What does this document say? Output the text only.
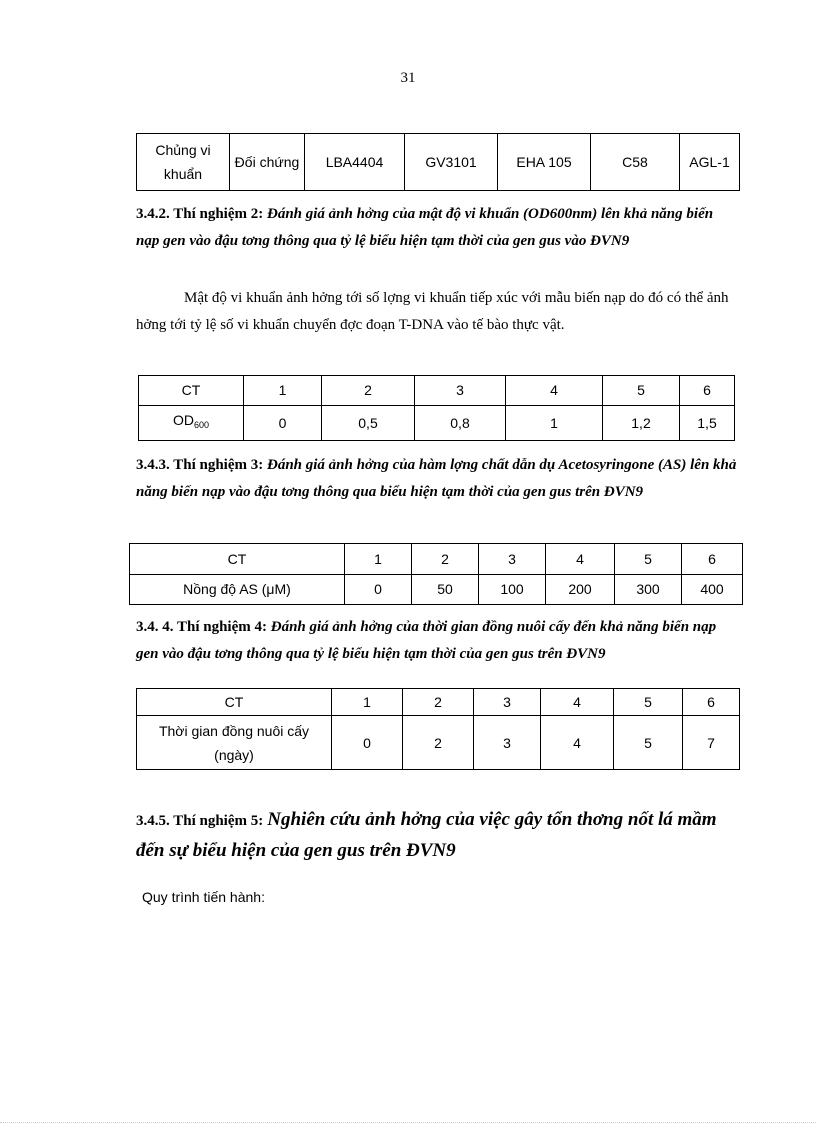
31
Chủng vi khuẩn	Đối chứng	LBA4404	GV3101	EHA 105	C58	AGL-1
3.4.2. Thí nghiệm 2: Đánh giá ảnh hởng của mật độ vi khuẩn (OD600nm) lên khả năng biến nạp gen vào đậu tơng thông qua tỷ lệ biểu hiện tạm thời của gen gus vào ĐVN9
Mật độ vi khuẩn ảnh hởng tới số lợng vi khuẩn tiếp xúc với mẫu biến nạp do đó có thể ảnh hởng tới tỷ lệ số vi khuẩn chuyển đợc đoạn T-DNA vào tế bào thực vật.
CT	1	2	3	4	5	6
$OD_{600}$	0	0,5	0,8	1	1,2	1,5
3.4.3. Thí nghiệm 3: Đánh giá ảnh hởng của hàm lợng chất dẫn dụ Acetosyringone (AS) lên khả năng biến nạp vào đậu tơng thông qua biểu hiện tạm thời của gen gus trên ĐVN9
CT	1	2	3	4	5	6
Nồng độ AS (μM)	0	50	100	200	300	400
3.4. 4. Thí nghiệm 4: Đánh giá ảnh hởng của thời gian đồng nuôi cấy đến khả năng biến nạp gen vào đậu tơng thông qua tỷ lệ biểu hiện tạm thời của gen gus trên ĐVN9
CT	1	2	3	4	5	6
Thời gian đồng nuôi cấy (ngày)	0	2	3	4	5	7
3.4.5. Thí nghiệm 5: Nghiên cứu ảnh hởng của việc gây tổn thơng nốt lá mầm đến sự biểu hiện của gen gus trên ĐVN9
Quy trình tiến hành:
